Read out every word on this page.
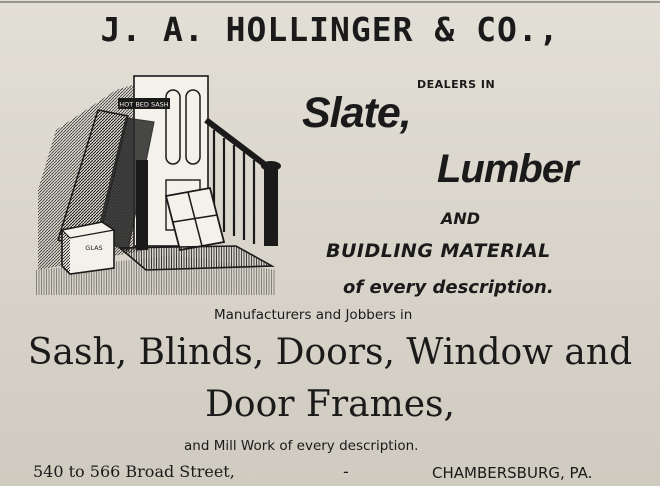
J. A. HOLLINGER & CO.,
HOT BED SASH
GLAS
DEALERS IN
Slate,
Lumber
AND
BUIDLING MATERIAL
of every description.
Manufacturers and Jobbers in
Sash, Blinds, Doors, Window and
Door Frames,
and Mill Work of every description.
540 to 566 Broad Street,	-	CHAMBERSBURG, PA.
